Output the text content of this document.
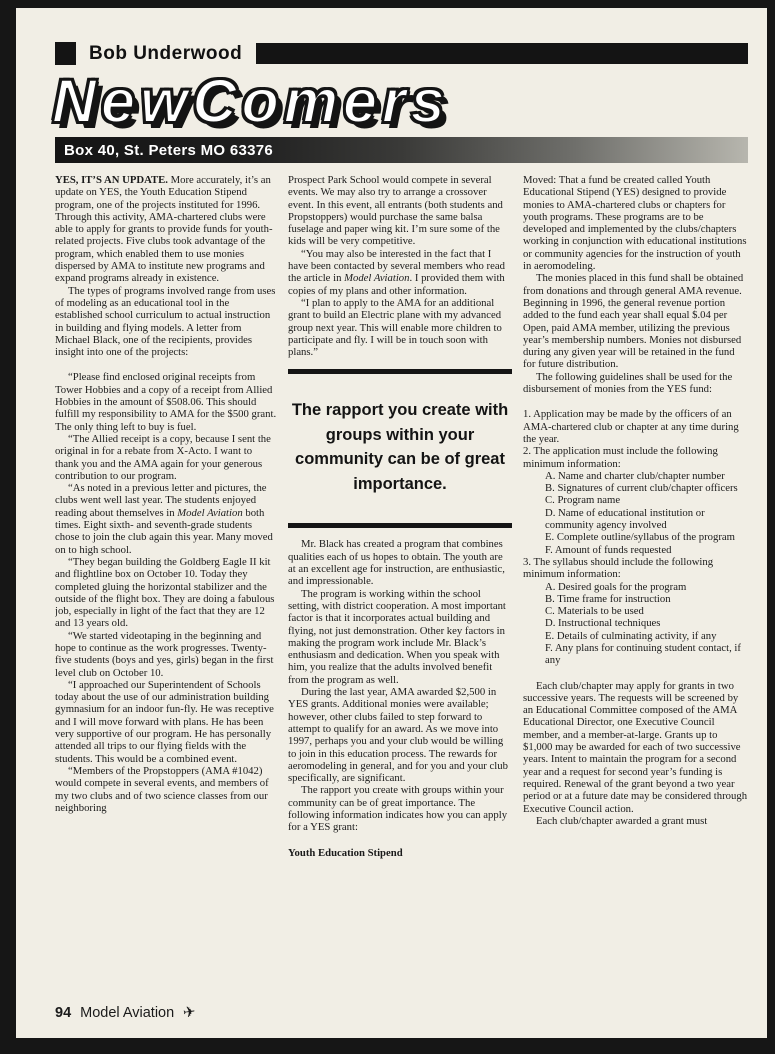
Bob Underwood
NewComers
Box 40, St. Peters MO 63376

YES, IT’S AN UPDATE. More accurately, it’s an update on YES, the Youth Education Stipend program, one of the projects instituted for 1996. Through this activity, AMA-chartered clubs were able to apply for grants to provide funds for youth-related projects. Five clubs took advantage of the program, which enabled them to use monies dispersed by AMA to institute new programs and expand programs already in existence.

The types of programs involved range from uses of modeling as an educational tool in the established school curriculum to actual instruction in building and flying models. A letter from Michael Black, one of the recipients, provides insight into one of the projects:

“Please find enclosed original receipts from Tower Hobbies and a copy of a receipt from Allied Hobbies in the amount of $508.06. This should fulfill my responsibility to AMA for the $500 grant. The only thing left to buy is fuel.

“The Allied receipt is a copy, because I sent the original in for a rebate from X-Acto. I want to thank you and the AMA again for your generous contribution to our program.

“As noted in a previous letter and pictures, the clubs went well last year. The students enjoyed reading about themselves in Model Aviation both times. Eight sixth- and seventh-grade students chose to join the club again this year. Many moved on to high school.

“They began building the Goldberg Eagle II kit and flightline box on October 10. Today they completed gluing the horizontal stabilizer and the outside of the flight box. They are doing a fabulous job, especially in light of the fact that they are 12 and 13 years old.

“We started videotaping in the beginning and hope to continue as the work progresses. Twenty-five students (boys and yes, girls) began in the first level club on October 10.

“I approached our Superintendent of Schools today about the use of our administration building gymnasium for an indoor fun-fly. He was receptive and I will move forward with plans. He has been very supportive of our program. He has personally attended all trips to our flying fields with the students. This would be a combined event.

“Members of the Propstoppers (AMA #1042) would compete in several events, and members of my two clubs and of two science classes from our neighboring

Prospect Park School would compete in several events. We may also try to arrange a crossover event. In this event, all entrants (both students and Propstoppers) would purchase the same balsa fuselage and paper wing kit. I’m sure some of the kids will be very competitive.

“You may also be interested in the fact that I have been contacted by several members who read the article in Model Aviation. I provided them with copies of my plans and other information.

“I plan to apply to the AMA for an additional grant to build an Electric plane with my advanced group next year. This will enable more children to participate and fly. I will be in touch soon with plans.”

The rapport you create with groups within your community can be of great importance.

Mr. Black has created a program that combines qualities each of us hopes to obtain. The youth are at an excellent age for instruction, are enthusiastic, and impressionable.

The program is working within the school setting, with district cooperation. A most important factor is that it incorporates actual building and flying, not just demonstration. Other key factors in making the program work include Mr. Black’s enthusiasm and dedication. When you speak with him, you realize that the adults involved benefit from the program as well.

During the last year, AMA awarded $2,500 in YES grants. Additional monies were available; however, other clubs failed to step forward to attempt to qualify for an award. As we move into 1997, perhaps you and your club would be willing to join in this education process. The rewards for aeromodeling in general, and for you and your club specifically, are significant.

The rapport you create with groups within your community can be of great importance. The following information indicates how you can apply for a YES grant:

Youth Education Stipend

Moved: That a fund be created called Youth Educational Stipend (YES) designed to provide monies to AMA-chartered clubs or chapters for youth programs. These programs are to be developed and implemented by the clubs/chapters working in conjunction with educational institutions or community agencies for the instruction of youth in aeromodeling.

The monies placed in this fund shall be obtained from donations and through general AMA revenue. Beginning in 1996, the general revenue portion added to the fund each year shall equal $.04 per Open, paid AMA member, utilizing the previous year’s membership numbers. Monies not disbursed during any given year will be retained in the fund for future distribution.

The following guidelines shall be used for the disbursement of monies from the YES fund:

1. Application may be made by the officers of an AMA-chartered club or chapter at any time during the year.

2. The application must include the following minimum information:

A. Name and charter club/chapter number

B. Signatures of current club/chapter officers

C. Program name

D. Name of educational institution or community agency involved

E. Complete outline/syllabus of the program

F. Amount of funds requested

3. The syllabus should include the following minimum information:

A. Desired goals for the program

B. Time frame for instruction

C. Materials to be used

D. Instructional techniques

E. Details of culminating activity, if any

F. Any plans for continuing student contact, if any

Each club/chapter may apply for grants in two successive years. The requests will be screened by an Educational Committee composed of the AMA Educational Director, one Executive Council member, and a member-at-large. Grants up to $1,000 may be awarded for each of two successive years. Intent to maintain the program for a second year and a request for second year’s funding is required. Renewal of the grant beyond a two year period or at a future date may be considered through Executive Council action.

Each club/chapter awarded a grant must

94 Model Aviation ✈
